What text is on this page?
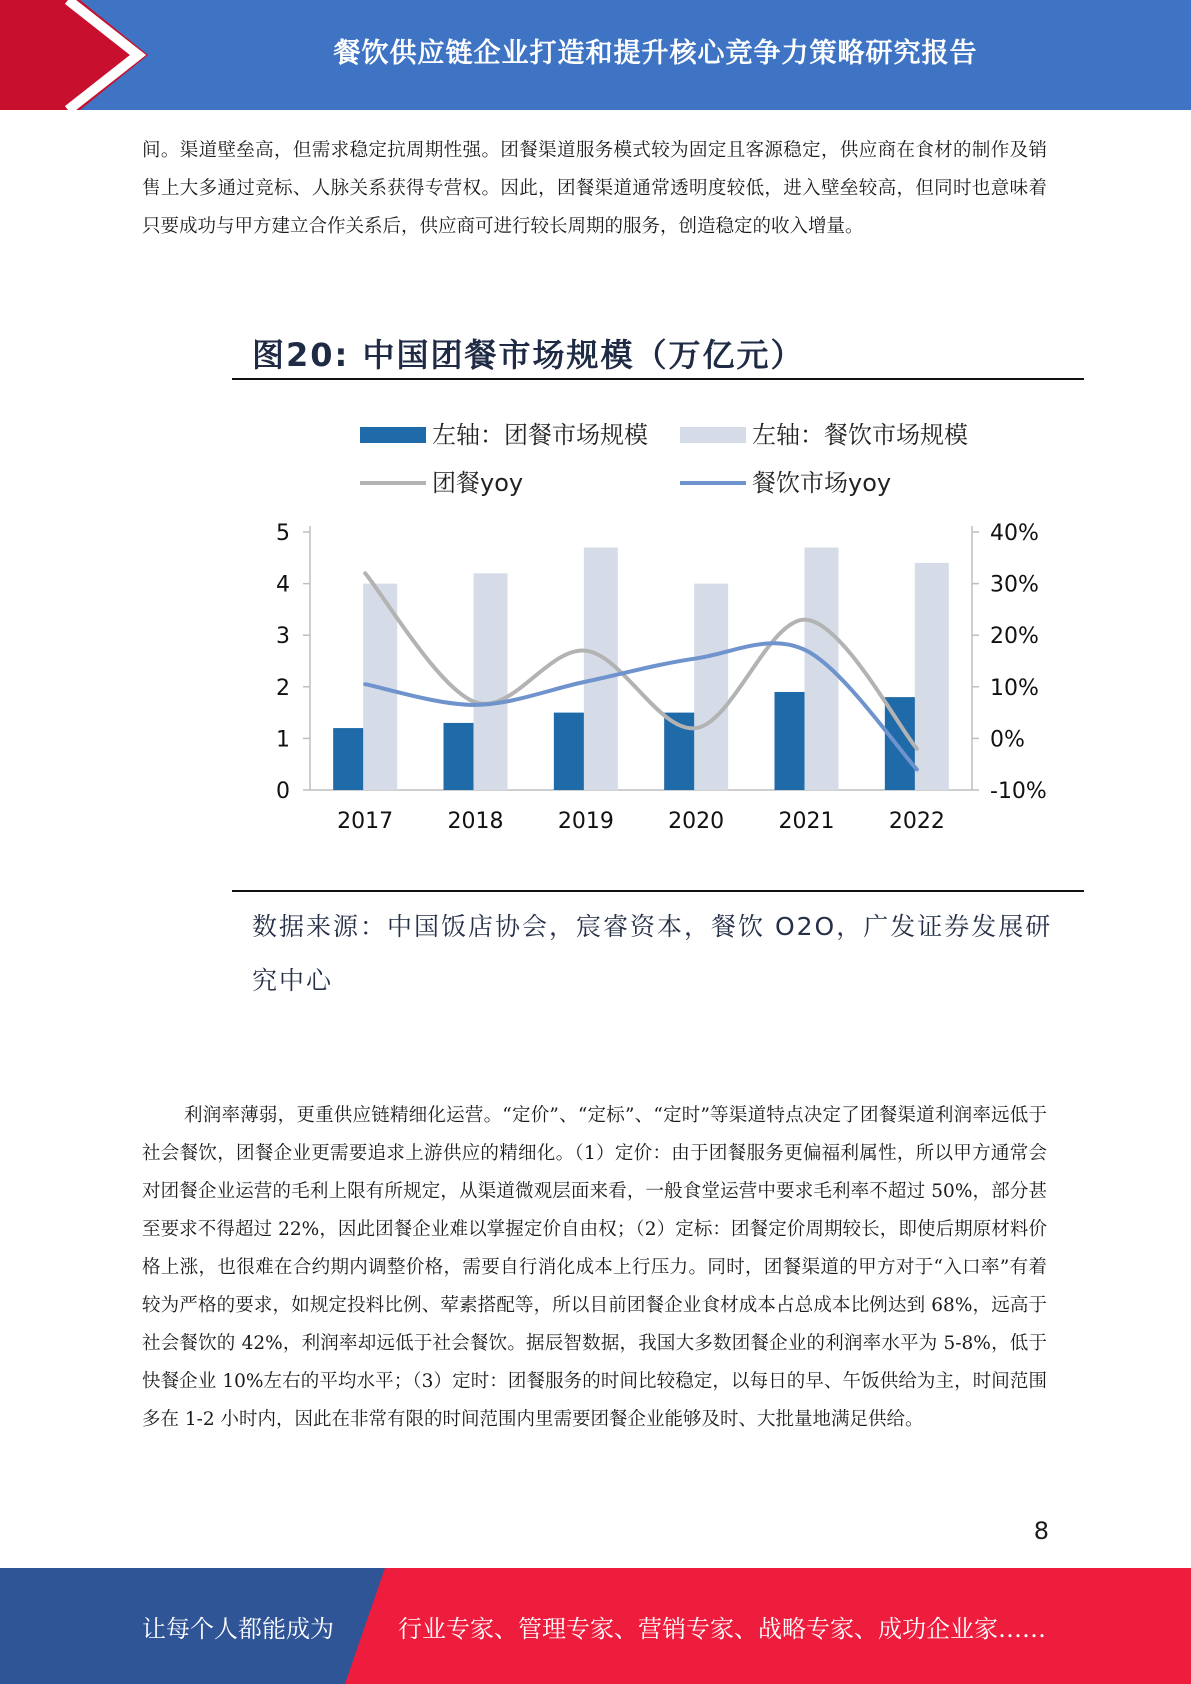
餐饮供应链企业打造和提升核心竞争力策略研究报告

间。渠道壁垒高，但需求稳定抗周期性强。团餐渠道服务模式较为固定且客源稳定，供应商在食材的制作及销售上大多通过竞标、人脉关系获得专营权。因此，团餐渠道通常透明度较低，进入壁垒较高，但同时也意味着只要成功与甲方建立合作关系后，供应商可进行较长周期的服务，创造稳定的收入增量。

图20: 中国团餐市场规模（万亿元）
左轴：团餐市场规模	左轴：餐饮市场规模
团餐yoy	餐饮市场yoy
0
1
2
3
4
5
-10%
0%
10%
20%
30%
40%
2017 2018 2019 2020 2021 2022
数据来源：中国饭店协会，宸睿资本，餐饮 O2O，广发证券发展研究中心

利润率薄弱，更重供应链精细化运营。“定价”、“定标”、“定时”等渠道特点决定了团餐渠道利润率远低于社会餐饮，团餐企业更需要追求上游供应的精细化。（1）定价：由于团餐服务更偏福利属性，所以甲方通常会对团餐企业运营的毛利上限有所规定，从渠道微观层面来看，一般食堂运营中要求毛利率不超过 50%，部分甚至要求不得超过 22%，因此团餐企业难以掌握定价自由权；（2）定标：团餐定价周期较长，即使后期原材料价格上涨，也很难在合约期内调整价格，需要自行消化成本上行压力。同时，团餐渠道的甲方对于“入口率”有着较为严格的要求，如规定投料比例、荤素搭配等，所以目前团餐企业食材成本占总成本比例达到 68%，远高于社会餐饮的 42%，利润率却远低于社会餐饮。据辰智数据，我国大多数团餐企业的利润率水平为 5-8%，低于快餐企业 10%左右的平均水平；（3）定时：团餐服务的时间比较稳定，以每日的早、午饭供给为主，时间范围多在 1-2 小时内，因此在非常有限的时间范围内里需要团餐企业能够及时、大批量地满足供给。

8
让每个人都能成为	行业专家、管理专家、营销专家、战略专家、成功企业家……
